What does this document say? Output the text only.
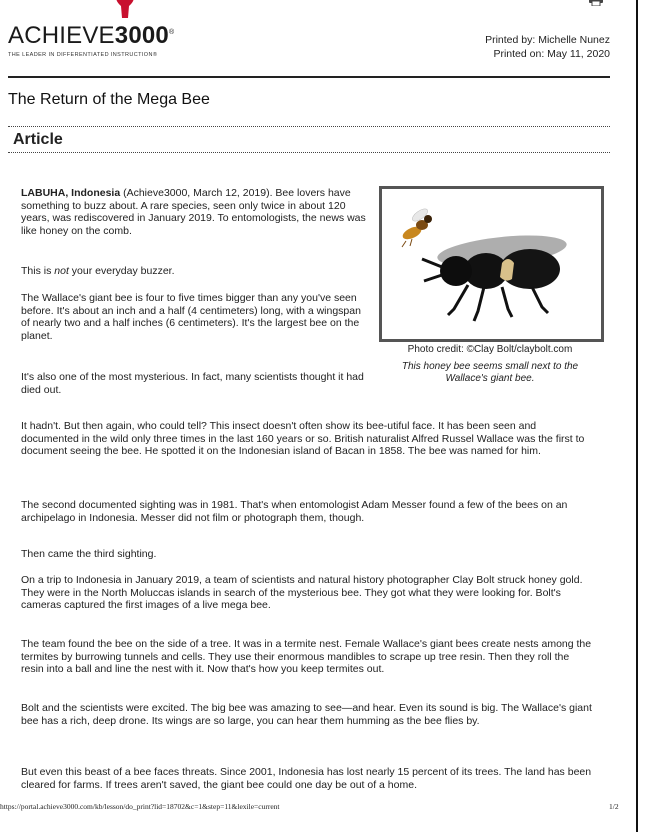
ACHIEVE3000®
THE LEADER IN DIFFERENTIATED INSTRUCTION®
Printed by: Michelle Nunez
Printed on: May 11, 2020
The Return of the Mega Bee
Article

LABUHA, Indonesia (Achieve3000, March 12, 2019). Bee lovers have something to buzz about. A rare species, seen only twice in about 120 years, was rediscovered in January 2019. To entomologists, the news was like honey on the comb.

This is not your everyday buzzer.

The Wallace's giant bee is four to five times bigger than any you've seen before. It's about an inch and a half (4 centimeters) long, with a wingspan of nearly two and a half inches (6 centimeters). It's the largest bee on the planet.

It's also one of the most mysterious. In fact, many scientists thought it had died out.

Photo credit: ©Clay Bolt/claybolt.com
This honey bee seems small next to the Wallace's giant bee.

It hadn't. But then again, who could tell? This insect doesn't often show its bee-utiful face. It has been seen and documented in the wild only three times in the last 160 years or so. British naturalist Alfred Russel Wallace was the first to document seeing the bee. He spotted it on the Indonesian island of Bacan in 1858. The bee was named for him.

The second documented sighting was in 1981. That's when entomologist Adam Messer found a few of the bees on an archipelago in Indonesia. Messer did not film or photograph them, though.

Then came the third sighting.

On a trip to Indonesia in January 2019, a team of scientists and natural history photographer Clay Bolt struck honey gold. They were in the North Moluccas islands in search of the mysterious bee. They got what they were looking for. Bolt's cameras captured the first images of a live mega bee.

The team found the bee on the side of a tree. It was in a termite nest. Female Wallace's giant bees create nests among the termites by burrowing tunnels and cells. They use their enormous mandibles to scrape up tree resin. Then they roll the resin into a ball and line the nest with it. Now that's how you keep termites out.

Bolt and the scientists were excited. The big bee was amazing to see—and hear. Even its sound is big. The Wallace's giant bee has a rich, deep drone. Its wings are so large, you can hear them humming as the bee flies by.

But even this beast of a bee faces threats. Since 2001, Indonesia has lost nearly 15 percent of its trees. The land has been cleared for farms. If trees aren't saved, the giant bee could one day be out of a home.

https://portal.achieve3000.com/kb/lesson/do_print?lid=18702&c=1&step=11&lexile=current	1/2
